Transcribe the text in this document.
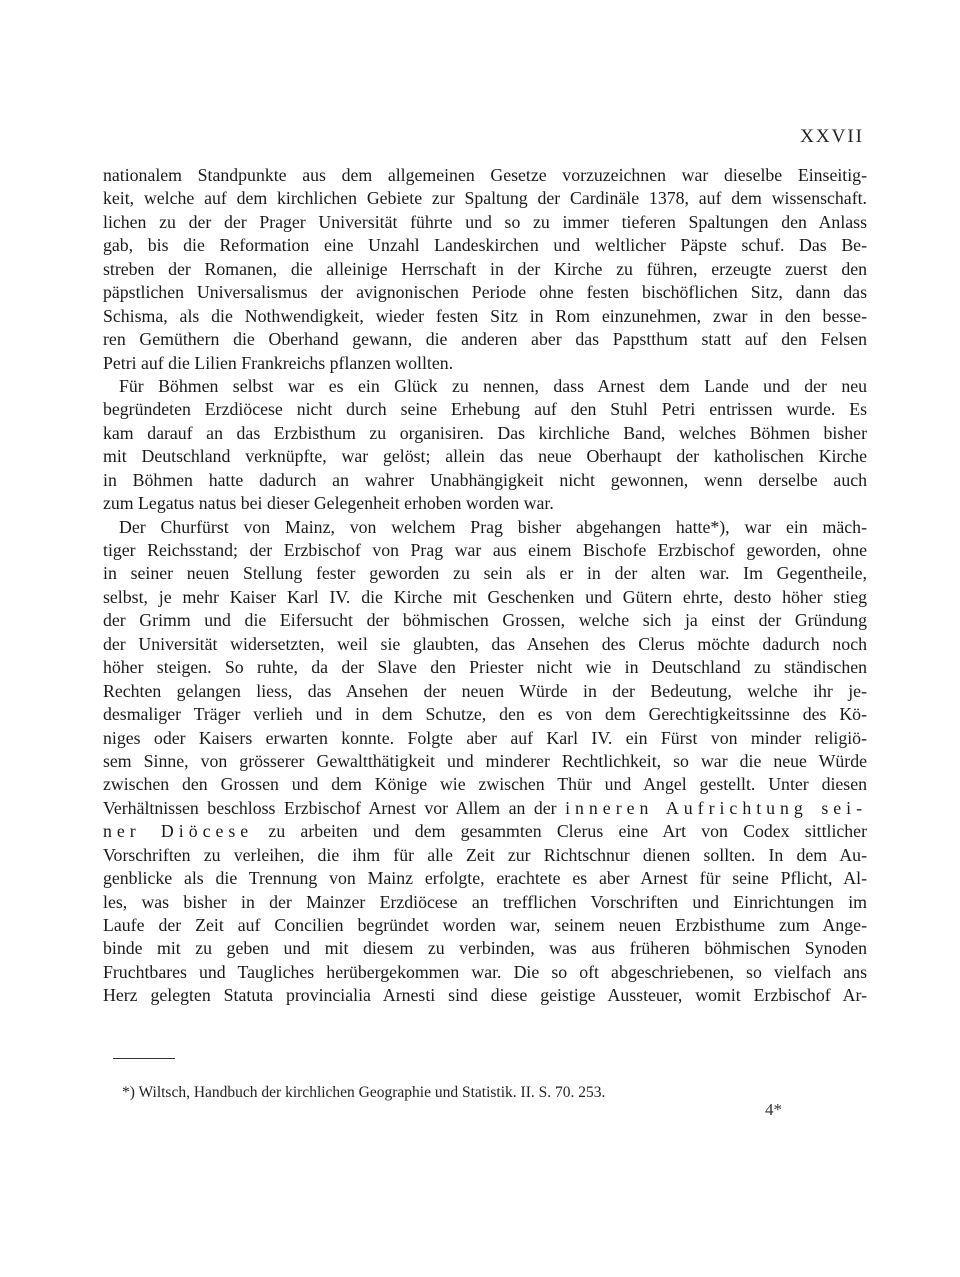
XXVII
nationalem Standpunkte aus dem allgemeinen Gesetze vorzuzeichnen war dieselbe Einseitig-
keit, welche auf dem kirchlichen Gebiete zur Spaltung der Cardinäle 1378, auf dem wissenschaft.
lichen zu der der Prager Universität führte und so zu immer tieferen Spaltungen den Anlass
gab, bis die Reformation eine Unzahl Landeskirchen und weltlicher Päpste schuf. Das Be-
streben der Romanen, die alleinige Herrschaft in der Kirche zu führen, erzeugte zuerst den
päpstlichen Universalismus der avignonischen Periode ohne festen bischöflichen Sitz, dann das
Schisma, als die Nothwendigkeit, wieder festen Sitz in Rom einzunehmen, zwar in den besse-
ren Gemüthern die Oberhand gewann, die anderen aber das Papstthum statt auf den Felsen
Petri auf die Lilien Frankreichs pflanzen wollten.
Für Böhmen selbst war es ein Glück zu nennen, dass Arnest dem Lande und der neu
begründeten Erzdiöcese nicht durch seine Erhebung auf den Stuhl Petri entrissen wurde. Es
kam darauf an das Erzbisthum zu organisiren. Das kirchliche Band, welches Böhmen bisher
mit Deutschland verknüpfte, war gelöst; allein das neue Oberhaupt der katholischen Kirche
in Böhmen hatte dadurch an wahrer Unabhängigkeit nicht gewonnen, wenn derselbe auch
zum Legatus natus bei dieser Gelegenheit erhoben worden war.
Der Churfürst von Mainz, von welchem Prag bisher abgehangen hatte*), war ein mäch-
tiger Reichsstand; der Erzbischof von Prag war aus einem Bischofe Erzbischof geworden, ohne
in seiner neuen Stellung fester geworden zu sein als er in der alten war. Im Gegentheile,
selbst, je mehr Kaiser Karl IV. die Kirche mit Geschenken und Gütern ehrte, desto höher stieg
der Grimm und die Eifersucht der böhmischen Grossen, welche sich ja einst der Gründung
der Universität widersetzten, weil sie glaubten, das Ansehen des Clerus möchte dadurch noch
höher steigen. So ruhte, da der Slave den Priester nicht wie in Deutschland zu ständischen
Rechten gelangen liess, das Ansehen der neuen Würde in der Bedeutung, welche ihr je-
desmaliger Träger verlieh und in dem Schutze, den es von dem Gerechtigkeitssinne des Kö-
niges oder Kaisers erwarten konnte. Folgte aber auf Karl IV. ein Fürst von minder religiö-
sem Sinne, von grösserer Gewaltthätigkeit und minderer Rechtlichkeit, so war die neue Würde
zwischen den Grossen und dem Könige wie zwischen Thür und Angel gestellt. Unter diesen
Verhältnissen beschloss Erzbischof Arnest vor Allem an der inneren Aufrichtung sei-
ner Diöcese zu arbeiten und dem gesammten Clerus eine Art von Codex sittlicher
Vorschriften zu verleihen, die ihm für alle Zeit zur Richtschnur dienen sollten. In dem Au-
genblicke als die Trennung von Mainz erfolgte, erachtete es aber Arnest für seine Pflicht, Al-
les, was bisher in der Mainzer Erzdiöcese an trefflichen Vorschriften und Einrichtungen im
Laufe der Zeit auf Concilien begründet worden war, seinem neuen Erzbisthume zum Ange-
binde mit zu geben und mit diesem zu verbinden, was aus früheren böhmischen Synoden
Fruchtbares und Taugliches herübergekommen war. Die so oft abgeschriebenen, so vielfach ans
Herz gelegten Statuta provincialia Arnesti sind diese geistige Aussteuer, womit Erzbischof Ar-
*) Wiltsch, Handbuch der kirchlichen Geographie und Statistik. II. S. 70. 253.
4*
